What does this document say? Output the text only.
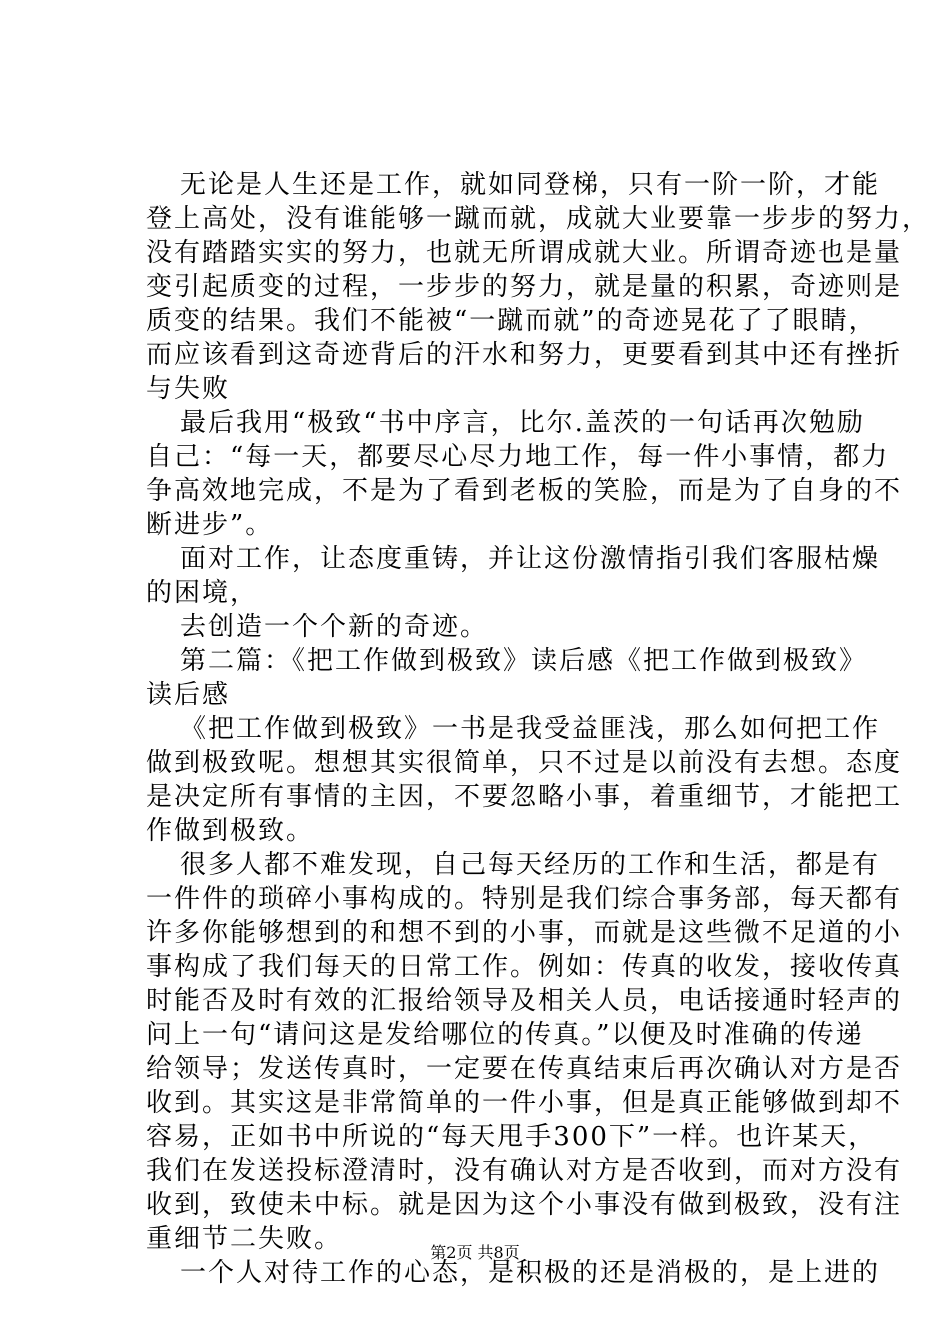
无论是人生还是工作，就如同登梯，只有一阶一阶，才能
登上高处，没有谁能够一蹴而就，成就大业要靠一步步的努力，
没有踏踏实实的努力，也就无所谓成就大业。所谓奇迹也是量
变引起质变的过程，一步步的努力，就是量的积累，奇迹则是
质变的结果。我们不能被“一蹴而就”的奇迹晃花了了眼睛，
而应该看到这奇迹背后的汗水和努力，更要看到其中还有挫折
与失败
最后我用“极致“书中序言，比尔.盖茨的一句话再次勉励
自己：“每一天，都要尽心尽力地工作，每一件小事情，都力
争高效地完成，不是为了看到老板的笑脸，而是为了自身的不
断进步”。
面对工作，让态度重铸，并让这份激情指引我们客服枯燥
的困境，
去创造一个个新的奇迹。
第二篇：《把工作做到极致》读后感《把工作做到极致》
读后感
《把工作做到极致》一书是我受益匪浅，那么如何把工作
做到极致呢。想想其实很简单，只不过是以前没有去想。态度
是决定所有事情的主因，不要忽略小事，着重细节，才能把工
作做到极致。
很多人都不难发现，自己每天经历的工作和生活，都是有
一件件的琐碎小事构成的。特别是我们综合事务部，每天都有
许多你能够想到的和想不到的小事，而就是这些微不足道的小
事构成了我们每天的日常工作。例如：传真的收发，接收传真
时能否及时有效的汇报给领导及相关人员，电话接通时轻声的
问上一句“请问这是发给哪位的传真。”以便及时准确的传递
给领导；发送传真时，一定要在传真结束后再次确认对方是否
收到。其实这是非常简单的一件小事，但是真正能够做到却不
容易，正如书中所说的“每天甩手300下”一样。也许某天，
我们在发送投标澄清时，没有确认对方是否收到，而对方没有
收到，致使未中标。就是因为这个小事没有做到极致，没有注
重细节二失败。
一个人对待工作的心态，是积极的还是消极的，是上进的
第2页 共8页
